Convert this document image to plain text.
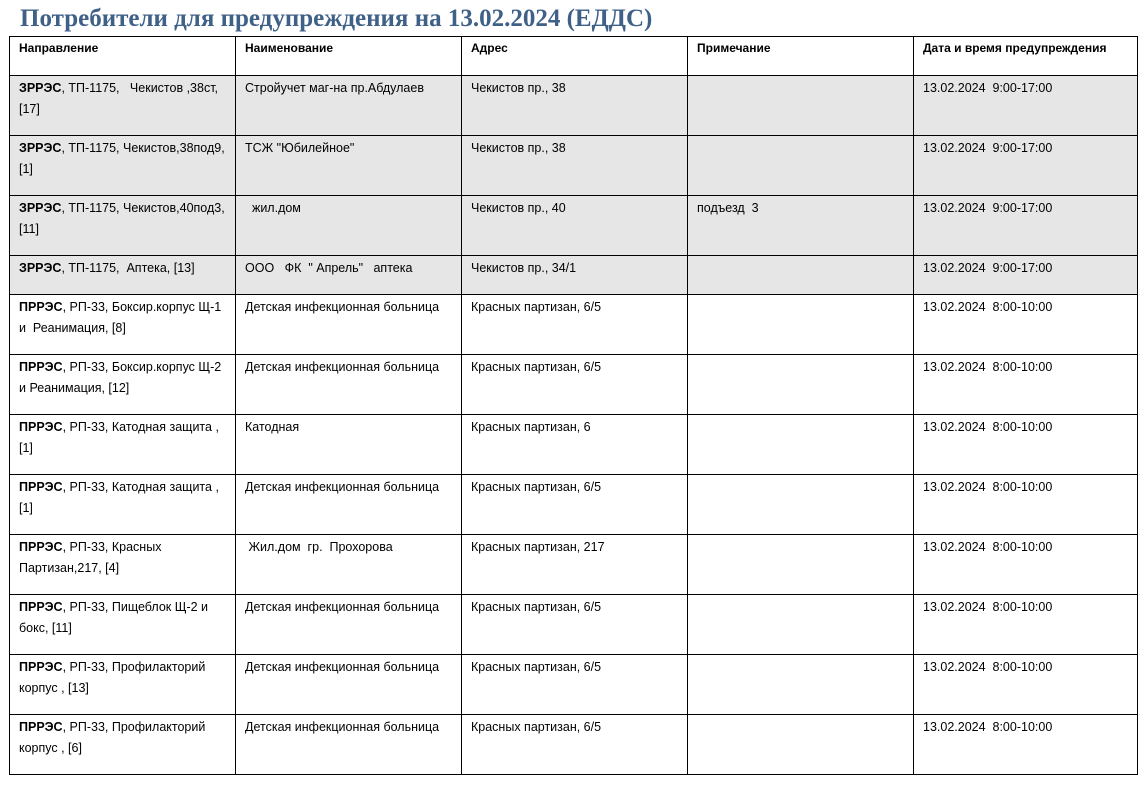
Потребители для предупреждения на 13.02.2024 (ЕДДС)
Направление	Наименование	Адрес	Примечание	Дата и время предупреждения
ЗРРЭС, ТП-1175,   Чекистов ,38ст, [17]	Стройучет маг-на пр.Абдулаев	Чекистов пр., 38		13.02.2024  9:00-17:00
ЗРРЭС, ТП-1175, Чекистов,38под9, [1]	ТСЖ "Юбилейное"	Чекистов пр., 38		13.02.2024  9:00-17:00
ЗРРЭС, ТП-1175, Чекистов,40под3, [11]	жил.дом	Чекистов пр., 40	подъезд  3	13.02.2024  9:00-17:00
ЗРРЭС, ТП-1175,  Аптека, [13]	ООО   ФК  " Апрель"   аптека	Чекистов пр., 34/1		13.02.2024  9:00-17:00
ПРРЭС, РП-33, Боксир.корпус Щ-1 и  Реанимация, [8]	Детская инфекционная больница	Красных партизан, 6/5		13.02.2024  8:00-10:00
ПРРЭС, РП-33, Боксир.корпус Щ-2 и Реанимация, [12]	Детская инфекционная больница	Красных партизан, 6/5		13.02.2024  8:00-10:00
ПРРЭС, РП-33, Катодная защита , [1]	Катодная	Красных партизан, 6		13.02.2024  8:00-10:00
ПРРЭС, РП-33, Катодная защита , [1]	Детская инфекционная больница	Красных партизан, 6/5		13.02.2024  8:00-10:00
ПРРЭС, РП-33, Красных Партизан,217, [4]	Жил.дом  гр.  Прохорова	Красных партизан, 217		13.02.2024  8:00-10:00
ПРРЭС, РП-33, Пищеблок Щ-2 и бокс, [11]	Детская инфекционная больница	Красных партизан, 6/5		13.02.2024  8:00-10:00
ПРРЭС, РП-33, Профилакторий корпус , [13]	Детская инфекционная больница	Красных партизан, 6/5		13.02.2024  8:00-10:00
ПРРЭС, РП-33, Профилакторий корпус , [6]	Детская инфекционная больница	Красных партизан, 6/5		13.02.2024  8:00-10:00
